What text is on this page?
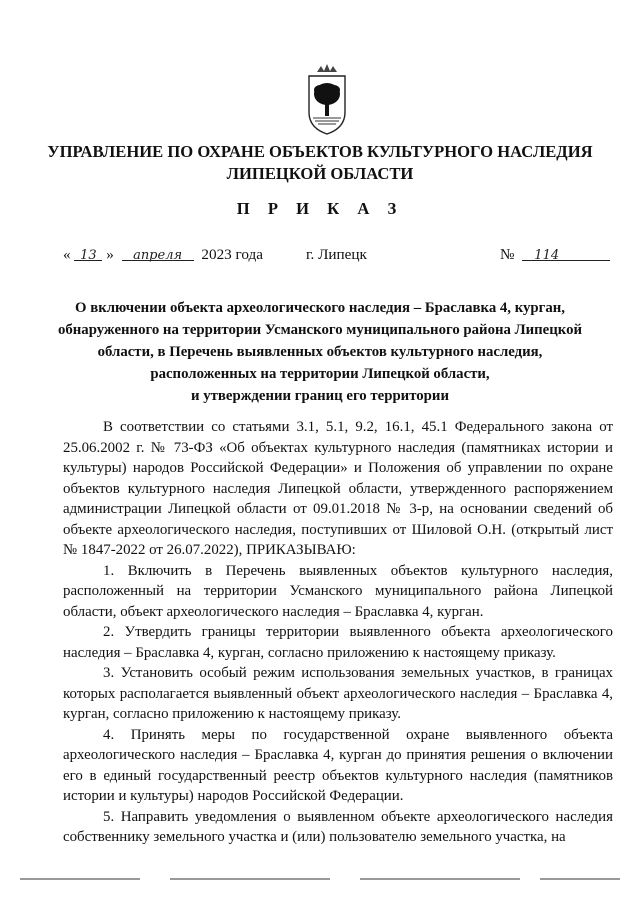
УПРАВЛЕНИЕ ПО ОХРАНЕ ОБЪЕКТОВ КУЛЬТУРНОГО НАСЛЕДИЯ
ЛИПЕЦКОЙ ОБЛАСТИ
П Р И К А З
« 13 » апреля 2023 года	г. Липецк	№ 114
О включении объекта археологического наследия – Браславка 4, курган,
обнаруженного на территории Усманского муниципального района Липецкой
области, в Перечень выявленных объектов культурного наследия,
расположенных на территории Липецкой области,
и утверждении границ его территории

В соответствии со статьями 3.1, 5.1, 9.2, 16.1, 45.1 Федерального закона от 25.06.2002 г. № 73-ФЗ «Об объектах культурного наследия (памятниках истории и культуры) народов Российской Федерации» и Положения об управлении по охране объектов культурного наследия Липецкой области, утвержденного распоряжением администрации Липецкой области от 09.01.2018 № 3-р, на основании сведений об объекте археологического наследия, поступивших от Шиловой О.Н. (открытый лист № 1847-2022 от 26.07.2022), ПРИКАЗЫВАЮ:

1. Включить в Перечень выявленных объектов культурного наследия, расположенный на территории Усманского муниципального района Липецкой области, объект археологического наследия – Браславка 4, курган.

2. Утвердить границы территории выявленного объекта археологического наследия – Браславка 4, курган, согласно приложению к настоящему приказу.

3. Установить особый режим использования земельных участков, в границах которых располагается выявленный объект археологического наследия – Браславка 4, курган, согласно приложению к настоящему приказу.

4. Принять меры по государственной охране выявленного объекта археологического наследия – Браславка 4, курган до принятия решения о включении его в единый государственный реестр объектов культурного наследия (памятников истории и культуры) народов Российской Федерации.

5. Направить уведомления о выявленном объекте археологического наследия собственнику земельного участка и (или) пользователю земельного участка, на
